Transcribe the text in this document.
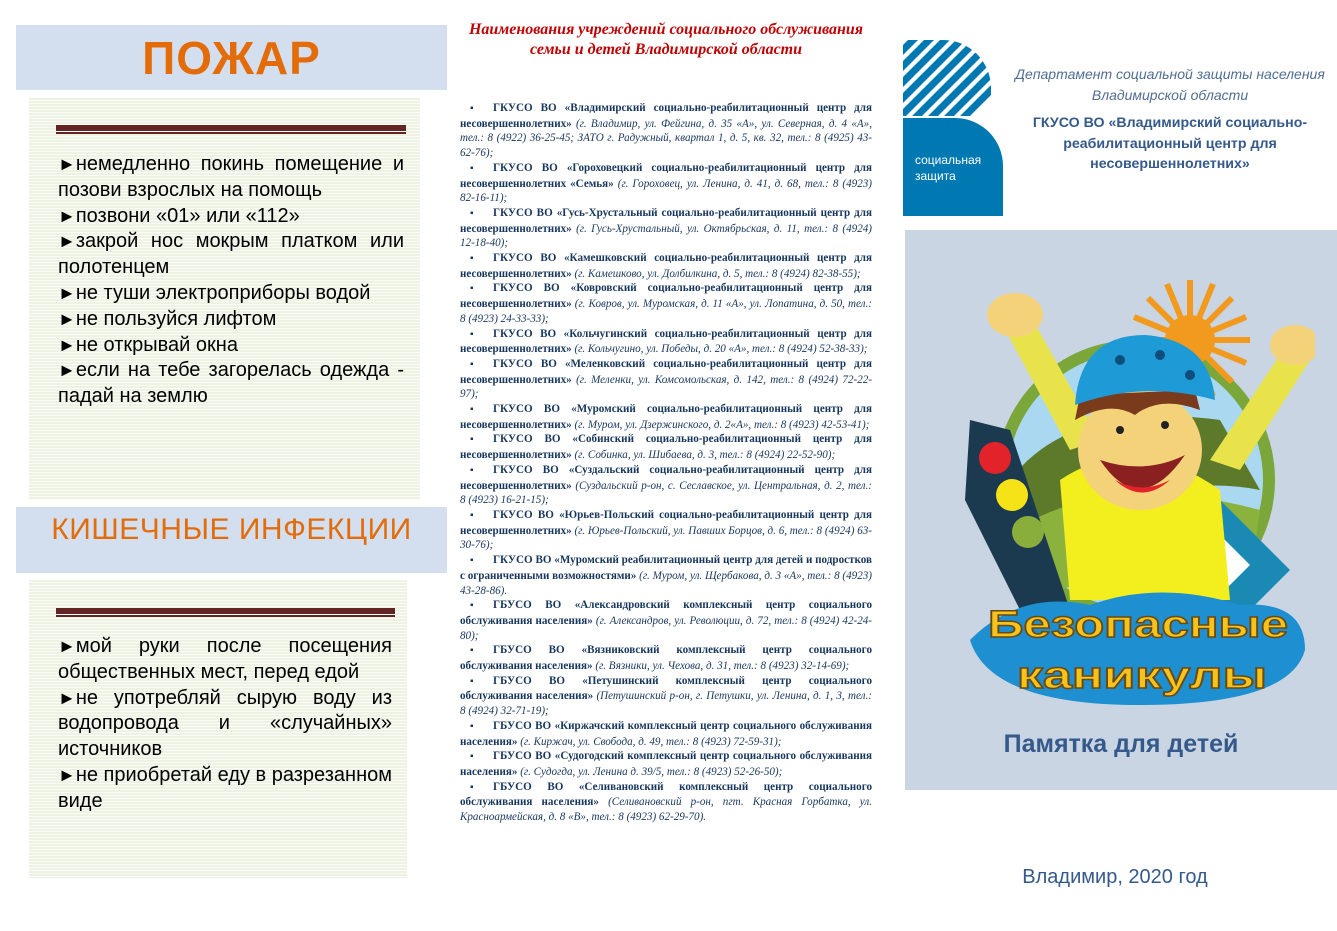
ПОЖАР
► немедленно покинь помещение и позови взрослых на помощь
► позвони «01» или «112»
► закрой нос мокрым платком или полотенцем
► не туши электроприборы водой
► не пользуйся лифтом
► не открывай окна
► если на тебе загорелась одежда - падай на землю
КИШЕЧНЫЕ ИНФЕКЦИИ
► мой руки после посещения общественных мест, перед едой
► не употребляй сырую воду из водопровода и «случайных» источников
► не приобретай еду в разрезанном виде
Наименования учреждений социального обслуживания семьи и детей Владимирской области
▪ГКУСО ВО «Владимирский социально-реабилитационный центр для несовершеннолетних» (г. Владимир, ул. Фейгина, д. 35 «А», ул. Северная, д. 4 «А», тел.: 8 (4922) 36-25-45; ЗАТО г. Радужный, квартал 1, д. 5, кв. 32, тел.: 8 (4925) 43-62-76);
▪ГКУСО ВО «Гороховецкий социально-реабилитационный центр для несовершеннолетних «Семья» (г. Гороховец, ул. Ленина, д. 41, д. 68, тел.: 8 (4923) 82-16-11);
▪ГКУСО ВО «Гусь-Хрустальный социально-реабилитационный центр для несовершеннолетних» (г. Гусь-Хрустальный, ул. Октябрьская, д. 11, тел.: 8 (4924) 12-18-40);
▪ГКУСО ВО «Камешковский социально-реабилитационный центр для несовершеннолетних» (г. Камешково, ул. Долбилкина, д. 5, тел.: 8 (4924) 82-38-55);
▪ГКУСО ВО «Ковровский социально-реабилитационный центр для несовершеннолетних» (г. Ковров, ул. Муромская, д. 11 «А», ул. Лопатина, д. 50, тел.: 8 (4923) 24-33-33);
▪ГКУСО ВО «Кольчугинский социально-реабилитационный центр для несовершеннолетних» (г. Кольчугино, ул. Победы, д. 20 «А», тел.: 8 (4924) 52-38-33);
▪ГКУСО ВО «Меленковский социально-реабилитационный центр для несовершеннолетних» (г. Меленки, ул. Комсомольская, д. 142, тел.: 8 (4924) 72-22-97);
▪ГКУСО ВО «Муромский социально-реабилитационный центр для несовершеннолетних» (г. Муром, ул. Дзержинского, д. 2«А», тел.: 8 (4923) 42-53-41);
▪ГКУСО ВО «Собинский социально-реабилитационный центр для несовершеннолетних» (г. Собинка, ул. Шибаева, д. 3, тел.: 8 (4924) 22-52-90);
▪ГКУСО ВО «Суздальский социально-реабилитационный центр для несовершеннолетних» (Суздальский р-он, с. Сеславское, ул. Центральная, д. 2, тел.: 8 (4923) 16-21-15);
▪ГКУСО ВО «Юрьев-Польский социально-реабилитационный центр для несовершеннолетних» (г. Юрьев-Польский, ул. Павших Борцов, д. 6, тел.: 8 (4924) 63-30-76);
▪ГКУСО ВО «Муромский реабилитационный центр для детей и подростков с ограниченными возможностями» (г. Муром, ул. Щербакова, д. 3 «А», тел.: 8 (4923) 43-28-86).
▪ГБУСО ВО «Александровский комплексный центр социального обслуживания населения» (г. Александров, ул. Революции, д. 72, тел.: 8 (4924) 42-24-80);
▪ГБУСО ВО «Вязниковский комплексный центр социального обслуживания населения» (г. Вязники, ул. Чехова, д. 31, тел.: 8 (4923) 32-14-69);
▪ГБУСО ВО «Петушинский комплексный центр социального обслуживания населения» (Петушинский р-он, г. Петушки, ул. Ленина, д. 1, 3, тел.: 8 (4924) 32-71-19);
▪ГБУСО ВО «Киржачский комплексный центр социального обслуживания населения» (г. Киржач, ул. Свобода, д. 49, тел.: 8 (4923) 72-59-31);
▪ГБУСО ВО «Судогодский комплексный центр социального обслуживания населения» (г. Судогда, ул. Ленина д. 39/5, тел.: 8 (4923) 52-26-50);
▪ГБУСО ВО «Селивановский комплексный центр социального обслуживания населения» (Селивановский р-он, пгт. Красная Горбатка, ул. Красноармейская, д. 8 «В», тел.: 8 (4923) 62-29-70).
социальная защита
Департамент социальной защиты населения Владимирской области
ГКУСО ВО «Владимирский социально-реабилитационный центр для несовершеннолетних»
Безопасные
каникулы
Памятка для детей
Владимир, 2020 год
